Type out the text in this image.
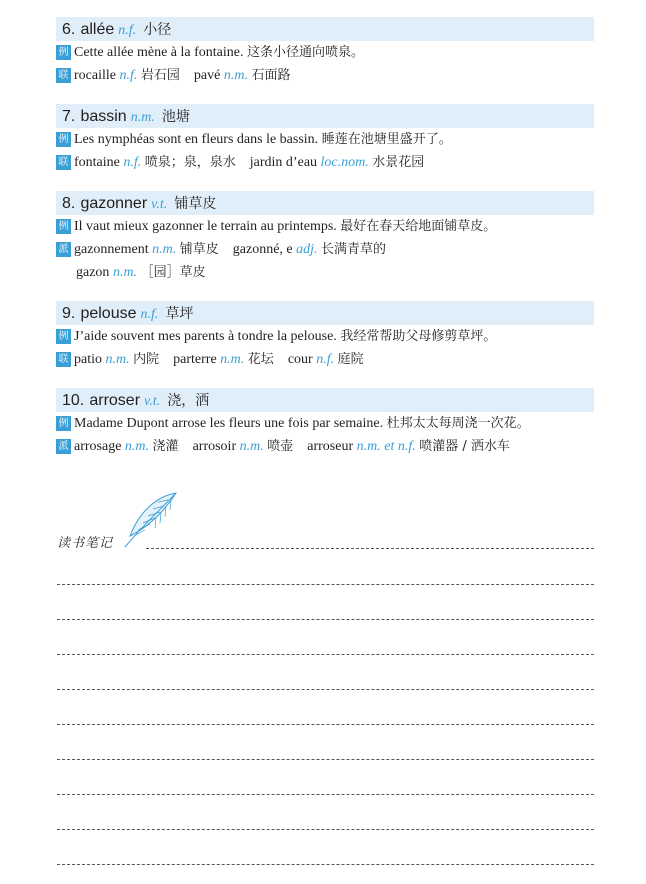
6. allée n.f. 小径
例 Cette allée mène à la fontaine. 这条小径通向喷泉。
联 rocaille n.f. 岩石园 pavé n.m. 石面路
7. bassin n.m. 池塘
例 Les nymphéas sont en fleurs dans le bassin. 睡莲在池塘里盛开了。
联 fontaine n.f. 喷泉；泉，泉水 jardin d’eau loc.nom. 水景花园
8. gazonner v.t. 铺草皮
例 Il vaut mieux gazonner le terrain au printemps. 最好在春天给地面铺草皮。
派 gazonnement n.m. 铺草皮 gazonné, e adj. 长满青草的
gazon n.m. ［园］草皮
9. pelouse n.f. 草坪
例 J’aide souvent mes parents à tondre la pelouse. 我经常帮助父母修剪草坪。
联 patio n.m. 内院 parterre n.m. 花坛 cour n.f. 庭院
10. arroser v.t. 浇，洒
例 Madame Dupont arrose les fleurs une fois par semaine. 杜邦太太每周浇一次花。
派 arrosage n.m. 浇灌 arrosoir n.m. 喷壶 arroseur n.m. et n.f. 喷灌器 / 洒水车
读书笔记
